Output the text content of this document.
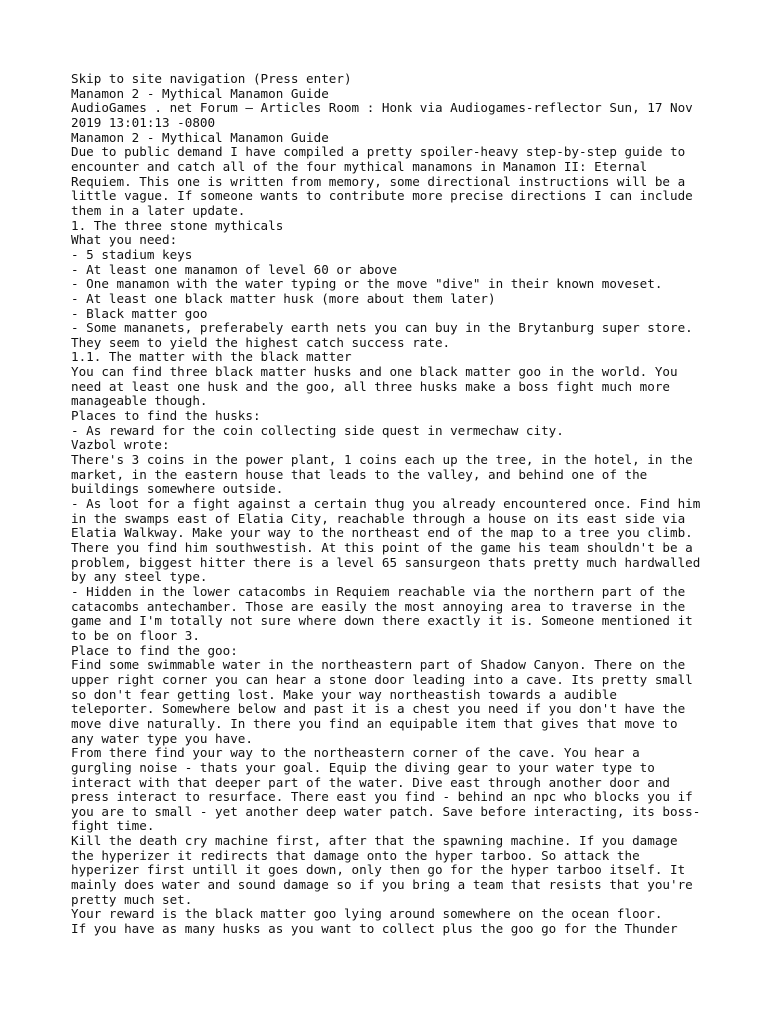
Skip to site navigation (Press enter)
Manamon 2 - Mythical Manamon Guide
AudioGames . net Forum — Articles Room : Honk via Audiogames-reflector Sun, 17 Nov
2019 13:01:13 -0800
Manamon 2 - Mythical Manamon Guide
Due to public demand I have compiled a pretty spoiler-heavy step-by-step guide to
encounter and catch all of the four mythical manamons in Manamon II: Eternal
Requiem. This one is written from memory, some directional instructions will be a
little vague. If someone wants to contribute more precise directions I can include
them in a later update.
1. The three stone mythicals
What you need:
- 5 stadium keys
- At least one manamon of level 60 or above
- One manamon with the water typing or the move "dive" in their known moveset.
- At least one black matter husk (more about them later)
- Black matter goo
- Some mananets, preferabely earth nets you can buy in the Brytanburg super store.
They seem to yield the highest catch success rate.
1.1. The matter with the black matter
You can find three black matter husks and one black matter goo in the world. You
need at least one husk and the goo, all three husks make a boss fight much more
manageable though.
Places to find the husks:
- As reward for the coin collecting side quest in vermechaw city.
Vazbol wrote:
There's 3 coins in the power plant, 1 coins each up the tree, in the hotel, in the
market, in the eastern house that leads to the valley, and behind one of the
buildings somewhere outside.
- As loot for a fight against a certain thug you already encountered once. Find him
in the swamps east of Elatia City, reachable through a house on its east side via
Elatia Walkway. Make your way to the northeast end of the map to a tree you climb.
There you find him southwestish. At this point of the game his team shouldn't be a
problem, biggest hitter there is a level 65 sansurgeon thats pretty much hardwalled
by any steel type.
- Hidden in the lower catacombs in Requiem reachable via the northern part of the
catacombs antechamber. Those are easily the most annoying area to traverse in the
game and I'm totally not sure where down there exactly it is. Someone mentioned it
to be on floor 3.
Place to find the goo:
Find some swimmable water in the northeastern part of Shadow Canyon. There on the
upper right corner you can hear a stone door leading into a cave. Its pretty small
so don't fear getting lost. Make your way northeastish towards a audible
teleporter. Somewhere below and past it is a chest you need if you don't have the
move dive naturally. In there you find an equipable item that gives that move to
any water type you have.
From there find your way to the northeastern corner of the cave. You hear a
gurgling noise - thats your goal. Equip the diving gear to your water type to
interact with that deeper part of the water. Dive east through another door and
press interact to resurface. There east you find - behind an npc who blocks you if
you are to small - yet another deep water patch. Save before interacting, its boss-
fight time.
Kill the death cry machine first, after that the spawning machine. If you damage
the hyperizer it redirects that damage onto the hyper tarboo. So attack the
hyperizer first untill it goes down, only then go for the hyper tarboo itself. It
mainly does water and sound damage so if you bring a team that resists that you're
pretty much set.
Your reward is the black matter goo lying around somewhere on the ocean floor.
If you have as many husks as you want to collect plus the goo go for the Thunder
